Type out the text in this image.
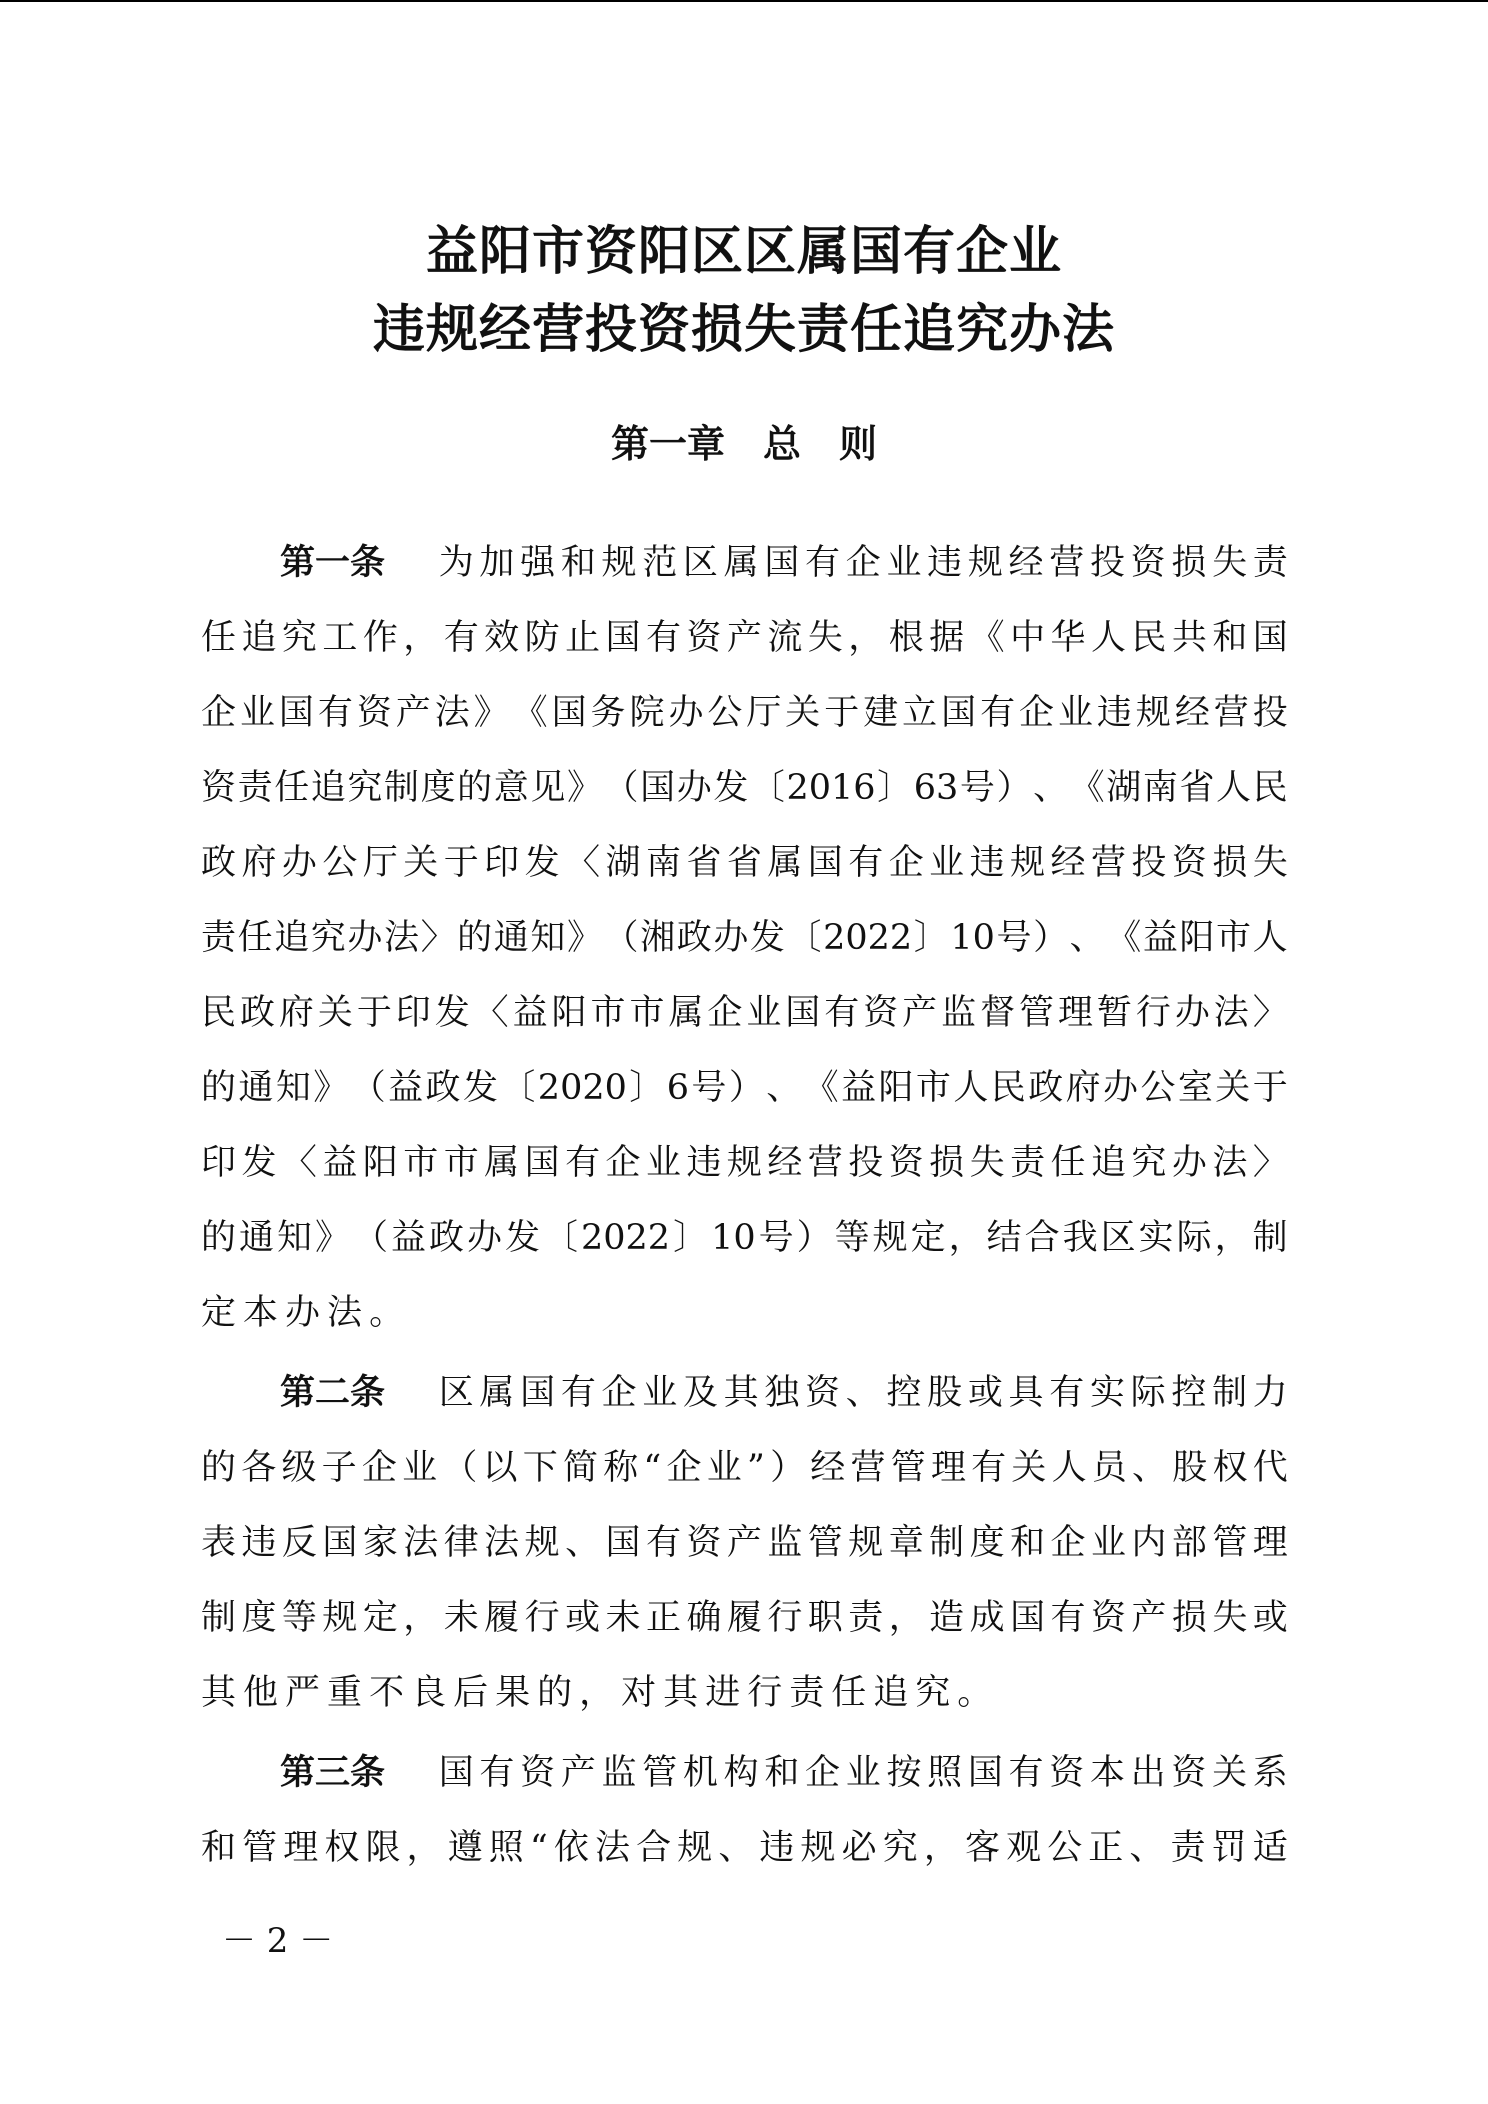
益阳市资阳区区属国有企业
违规经营投资损失责任追究办法
第一章　总　则
第一条 为 加 强 和 规 范 区 属 国 有 企 业 违 规 经 营 投 资 损 失 责
任 追 究 工 作 ， 有 效 防 止 国 有 资 产 流 失 ， 根 据 《 中 华 人 民 共 和 国
企 业 国 有 资 产 法 》 《 国 务 院 办 公 厅 关 于 建 立 国 有 企 业 违 规 经 营 投
资 责 任 追 究 制 度 的 意 见 》 （ 国 办 发 〔 2016 〕 63 号 ） 、 《 湖 南 省 人 民
政 府 办 公 厅 关 于 印 发 〈 湖 南 省 省 属 国 有 企 业 违 规 经 营 投 资 损 失
责 任 追 究 办 法 〉 的 通 知 》 （ 湘 政 办 发 〔 2022 〕 10 号 ） 、 《 益 阳 市 人
民 政 府 关 于 印 发 〈 益 阳 市 市 属 企 业 国 有 资 产 监 督 管 理 暂 行 办 法 〉
的 通 知 》 （ 益 政 发 〔 2020 〕 6 号 ） 、 《 益 阳 市 人 民 政 府 办 公 室 关 于
印 发 〈 益 阳 市 市 属 国 有 企 业 违 规 经 营 投 资 损 失 责 任 追 究 办 法 〉
的 通 知 》 （ 益 政 办 发 〔 2022 〕 10 号 ） 等 规 定 ， 结 合 我 区 实 际 ， 制
定 本 办 法 。
第二条 区 属 国 有 企 业 及 其 独 资 、 控 股 或 具 有 实 际 控 制 力
的 各 级 子 企 业 （ 以 下 简 称 “ 企 业 ” ） 经 营 管 理 有 关 人 员 、 股 权 代
表 违 反 国 家 法 律 法 规 、 国 有 资 产 监 管 规 章 制 度 和 企 业 内 部 管 理
制 度 等 规 定 ， 未 履 行 或 未 正 确 履 行 职 责 ， 造 成 国 有 资 产 损 失 或
其 他 严 重 不 良 后 果 的 ， 对 其 进 行 责 任 追 究 。
第三条 国 有 资 产 监 管 机 构 和 企 业 按 照 国 有 资 本 出 资 关 系
和 管 理 权 限 ， 遵 照 “ 依 法 合 规 、 违 规 必 究 ， 客 观 公 正 、 责 罚 适
－ 2 －
